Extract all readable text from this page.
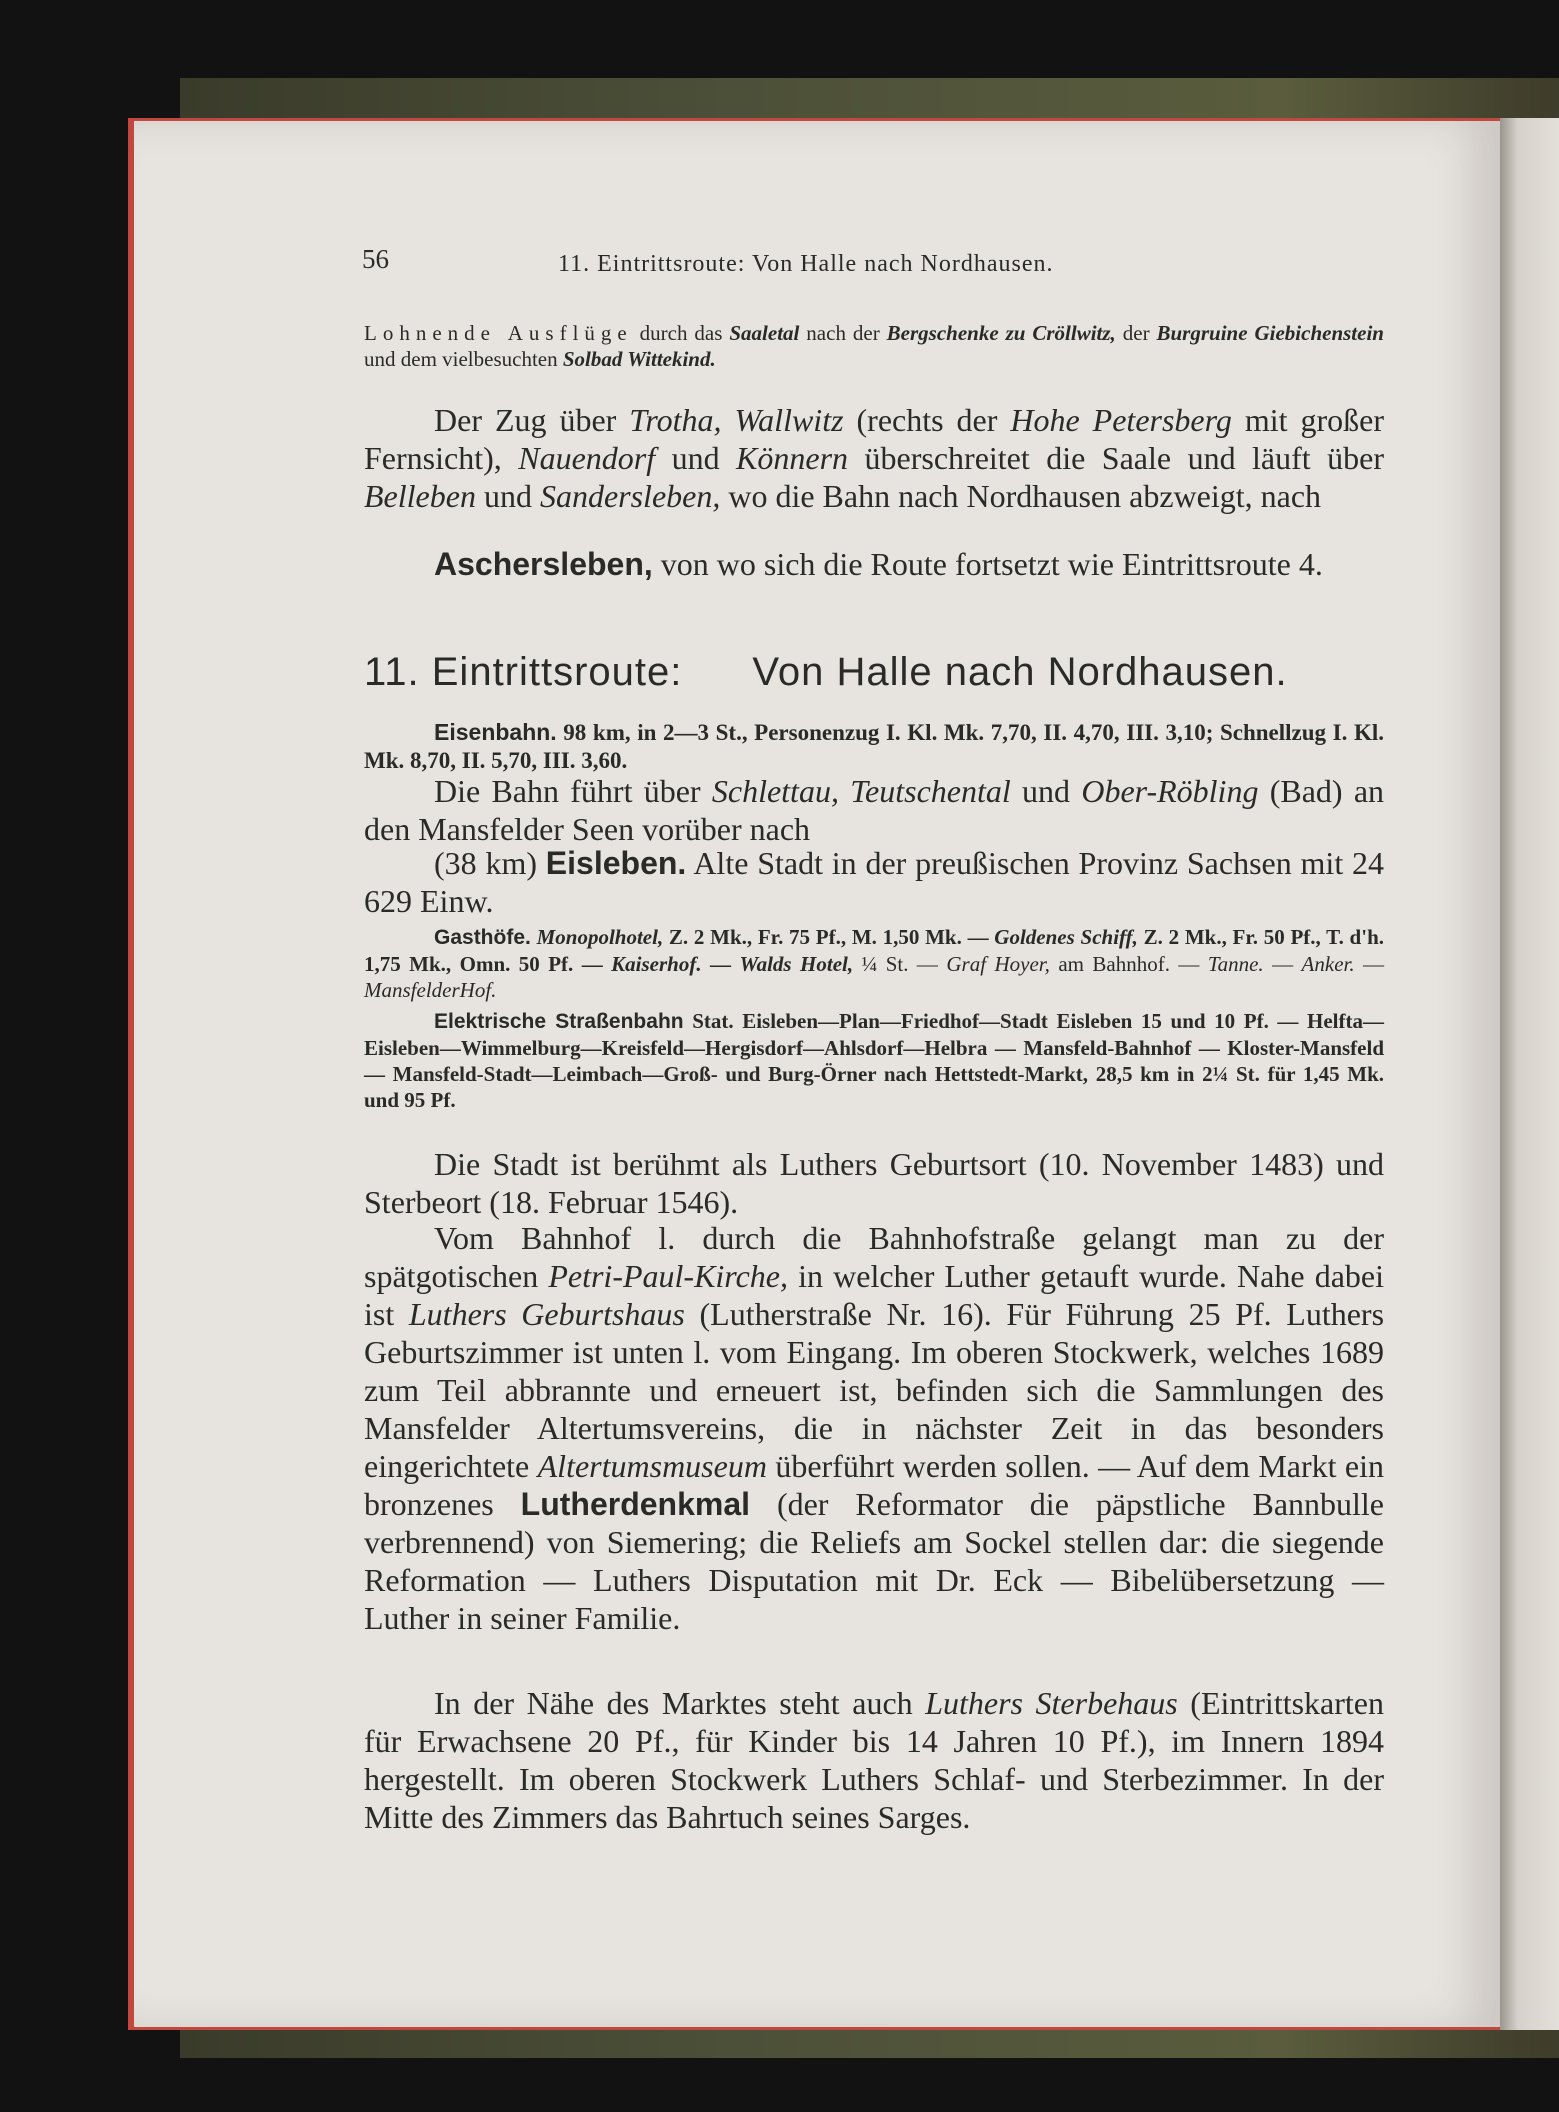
56	11. Eintrittsroute: Von Halle nach Nordhausen.
Lohnende Ausflüge durch das Saaletal nach der Bergschenke zu Cröllwitz, der Burgruine Giebichenstein und dem vielbesuchten Solbad Wittekind.
Der Zug über Trotha, Wallwitz (rechts der Hohe Petersberg mit großer Fernsicht), Nauendorf und Könnern überschreitet die Saale und läuft über Belleben und Sandersleben, wo die Bahn nach Nordhausen abzweigt, nach
Aschersleben, von wo sich die Route fortsetzt wie Eintrittsroute 4.
11. Eintrittsroute: Von Halle nach Nordhausen.
Eisenbahn. 98 km, in 2—3 St., Personenzug I. Kl. Mk. 7,70, II. 4,70, III. 3,10; Schnellzug I. Kl. Mk. 8,70, II. 5,70, III. 3,60.
Die Bahn führt über Schlettau, Teutschental und Ober-Röbling (Bad) an den Mansfelder Seen vorüber nach
(38 km) Eisleben. Alte Stadt in der preußischen Provinz Sachsen mit 24 629 Einw.
Gasthöfe. Monopolhotel, Z. 2 Mk., Fr. 75 Pf., M. 1,50 Mk. — Goldenes Schiff, Z. 2 Mk., Fr. 50 Pf., T. d'h. 1,75 Mk., Omn. 50 Pf. — Kaiserhof. — Walds Hotel, ¼ St. — Graf Hoyer, am Bahnhof. — Tanne. — Anker. — MansfelderHof.
Elektrische Straßenbahn Stat. Eisleben—Plan—Friedhof—Stadt Eisleben 15 und 10 Pf. — Helfta—Eisleben—Wimmelburg—Kreisfeld—Hergisdorf—Ahlsdorf—Helbra — Mansfeld-Bahnhof — Kloster-Mansfeld — Mansfeld-Stadt—Leimbach—Groß- und Burg-Örner nach Hettstedt-Markt, 28,5 km in 2¼ St. für 1,45 Mk. und 95 Pf.
Die Stadt ist berühmt als Luthers Geburtsort (10. November 1483) und Sterbeort (18. Februar 1546).
Vom Bahnhof l. durch die Bahnhofstraße gelangt man zu der spätgotischen Petri-Paul-Kirche, in welcher Luther getauft wurde. Nahe dabei ist Luthers Geburtshaus (Lutherstraße Nr. 16). Für Führung 25 Pf. Luthers Geburtszimmer ist unten l. vom Eingang. Im oberen Stockwerk, welches 1689 zum Teil abbrannte und erneuert ist, befinden sich die Sammlungen des Mansfelder Altertumsvereins, die in nächster Zeit in das besonders eingerichtete Altertumsmuseum überführt werden sollen. — Auf dem Markt ein bronzenes Lutherdenkmal (der Reformator die päpstliche Bannbulle verbrennend) von Siemering; die Reliefs am Sockel stellen dar: die siegende Reformation — Luthers Disputation mit Dr. Eck — Bibelübersetzung — Luther in seiner Familie.
In der Nähe des Marktes steht auch Luthers Sterbehaus (Eintrittskarten für Erwachsene 20 Pf., für Kinder bis 14 Jahren 10 Pf.), im Innern 1894 hergestellt. Im oberen Stockwerk Luthers Schlaf- und Sterbezimmer. In der Mitte des Zimmers das Bahrtuch seines Sarges.
